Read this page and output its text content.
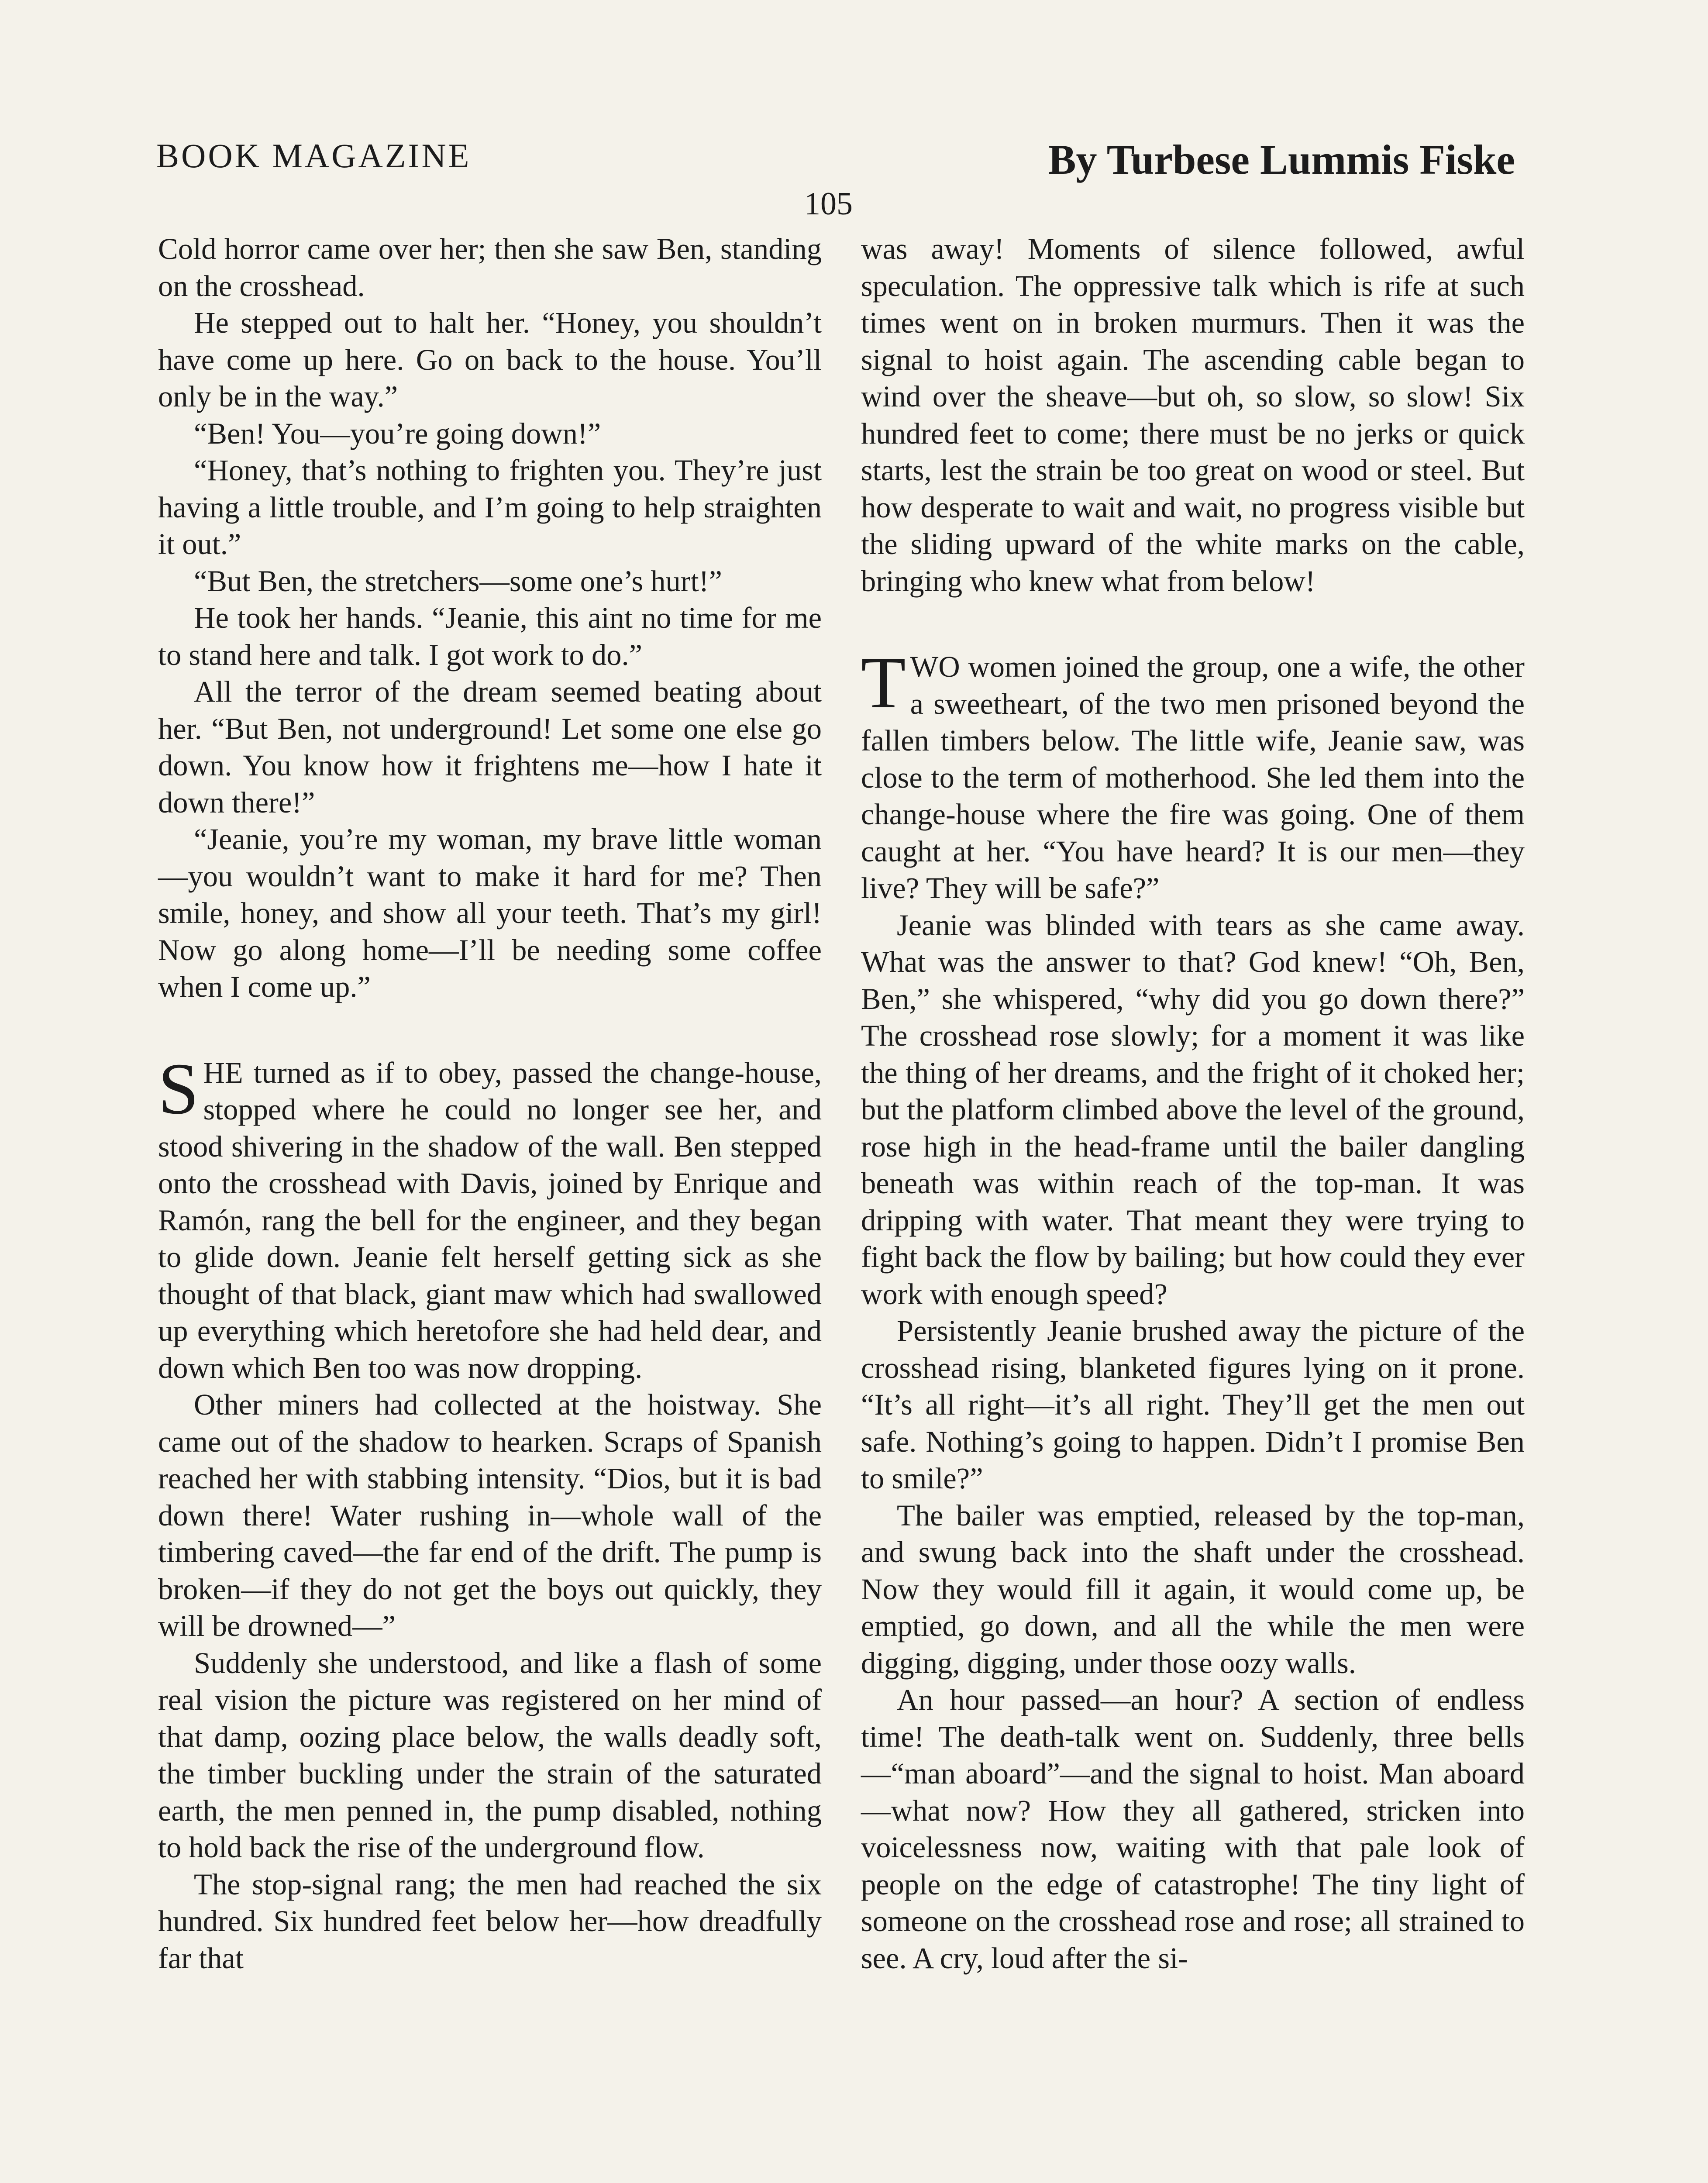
BOOK MAGAZINE	By Turbese Lummis Fiske
105

Cold horror came over her; then she saw Ben, standing on the crosshead.

He stepped out to halt her. “Honey, you shouldn’t have come up here. Go on back to the house. You’ll only be in the way.”

“Ben! You—you’re going down!”

“Honey, that’s nothing to frighten you. They’re just having a little trouble, and I’m going to help straighten it out.”

“But Ben, the stretchers—some one’s hurt!”

He took her hands. “Jeanie, this aint no time for me to stand here and talk. I got work to do.”

All the terror of the dream seemed beating about her. “But Ben, not underground! Let some one else go down. You know how it frightens me—how I hate it down there!”

“Jeanie, you’re my woman, my brave little woman—you wouldn’t want to make it hard for me? Then smile, honey, and show all your teeth. That’s my girl! Now go along home—I’ll be needing some coffee when I come up.”

SHE turned as if to obey, passed the change-house, stopped where he could no longer see her, and stood shivering in the shadow of the wall. Ben stepped onto the crosshead with Davis, joined by Enrique and Ramón, rang the bell for the engineer, and they began to glide down. Jeanie felt herself getting sick as she thought of that black, giant maw which had swallowed up everything which heretofore she had held dear, and down which Ben too was now dropping.

Other miners had collected at the hoistway. She came out of the shadow to hearken. Scraps of Spanish reached her with stabbing intensity. “Dios, but it is bad down there! Water rushing in—whole wall of the timbering caved—the far end of the drift. The pump is broken—if they do not get the boys out quickly, they will be drowned—”

Suddenly she understood, and like a flash of some real vision the picture was registered on her mind of that damp, oozing place below, the walls deadly soft, the timber buckling under the strain of the saturated earth, the men penned in, the pump disabled, nothing to hold back the rise of the underground flow.

The stop-signal rang; the men had reached the six hundred. Six hundred feet below her—how dreadfully far that

was away! Moments of silence followed, awful speculation. The oppressive talk which is rife at such times went on in broken murmurs. Then it was the signal to hoist again. The ascending cable began to wind over the sheave—but oh, so slow, so slow! Six hundred feet to come; there must be no jerks or quick starts, lest the strain be too great on wood or steel. But how desperate to wait and wait, no progress visible but the sliding upward of the white marks on the cable, bringing who knew what from below!

TWO women joined the group, one a wife, the other a sweetheart, of the two men prisoned beyond the fallen timbers below. The little wife, Jeanie saw, was close to the term of motherhood. She led them into the change-house where the fire was going. One of them caught at her. “You have heard? It is our men—they live? They will be safe?”

Jeanie was blinded with tears as she came away. What was the answer to that? God knew! “Oh, Ben, Ben,” she whispered, “why did you go down there?” The crosshead rose slowly; for a moment it was like the thing of her dreams, and the fright of it choked her; but the platform climbed above the level of the ground, rose high in the head-frame until the bailer dangling beneath was within reach of the top-man. It was dripping with water. That meant they were trying to fight back the flow by bailing; but how could they ever work with enough speed?

Persistently Jeanie brushed away the picture of the crosshead rising, blanketed figures lying on it prone. “It’s all right—it’s all right. They’ll get the men out safe. Nothing’s going to happen. Didn’t I promise Ben to smile?”

The bailer was emptied, released by the top-man, and swung back into the shaft under the crosshead. Now they would fill it again, it would come up, be emptied, go down, and all the while the men were digging, digging, under those oozy walls.

An hour passed—an hour? A section of endless time! The death-talk went on. Suddenly, three bells—“man aboard”—and the signal to hoist. Man aboard—what now? How they all gathered, stricken into voicelessness now, waiting with that pale look of people on the edge of catastrophe! The tiny light of someone on the crosshead rose and rose; all strained to see. A cry, loud after the si-
